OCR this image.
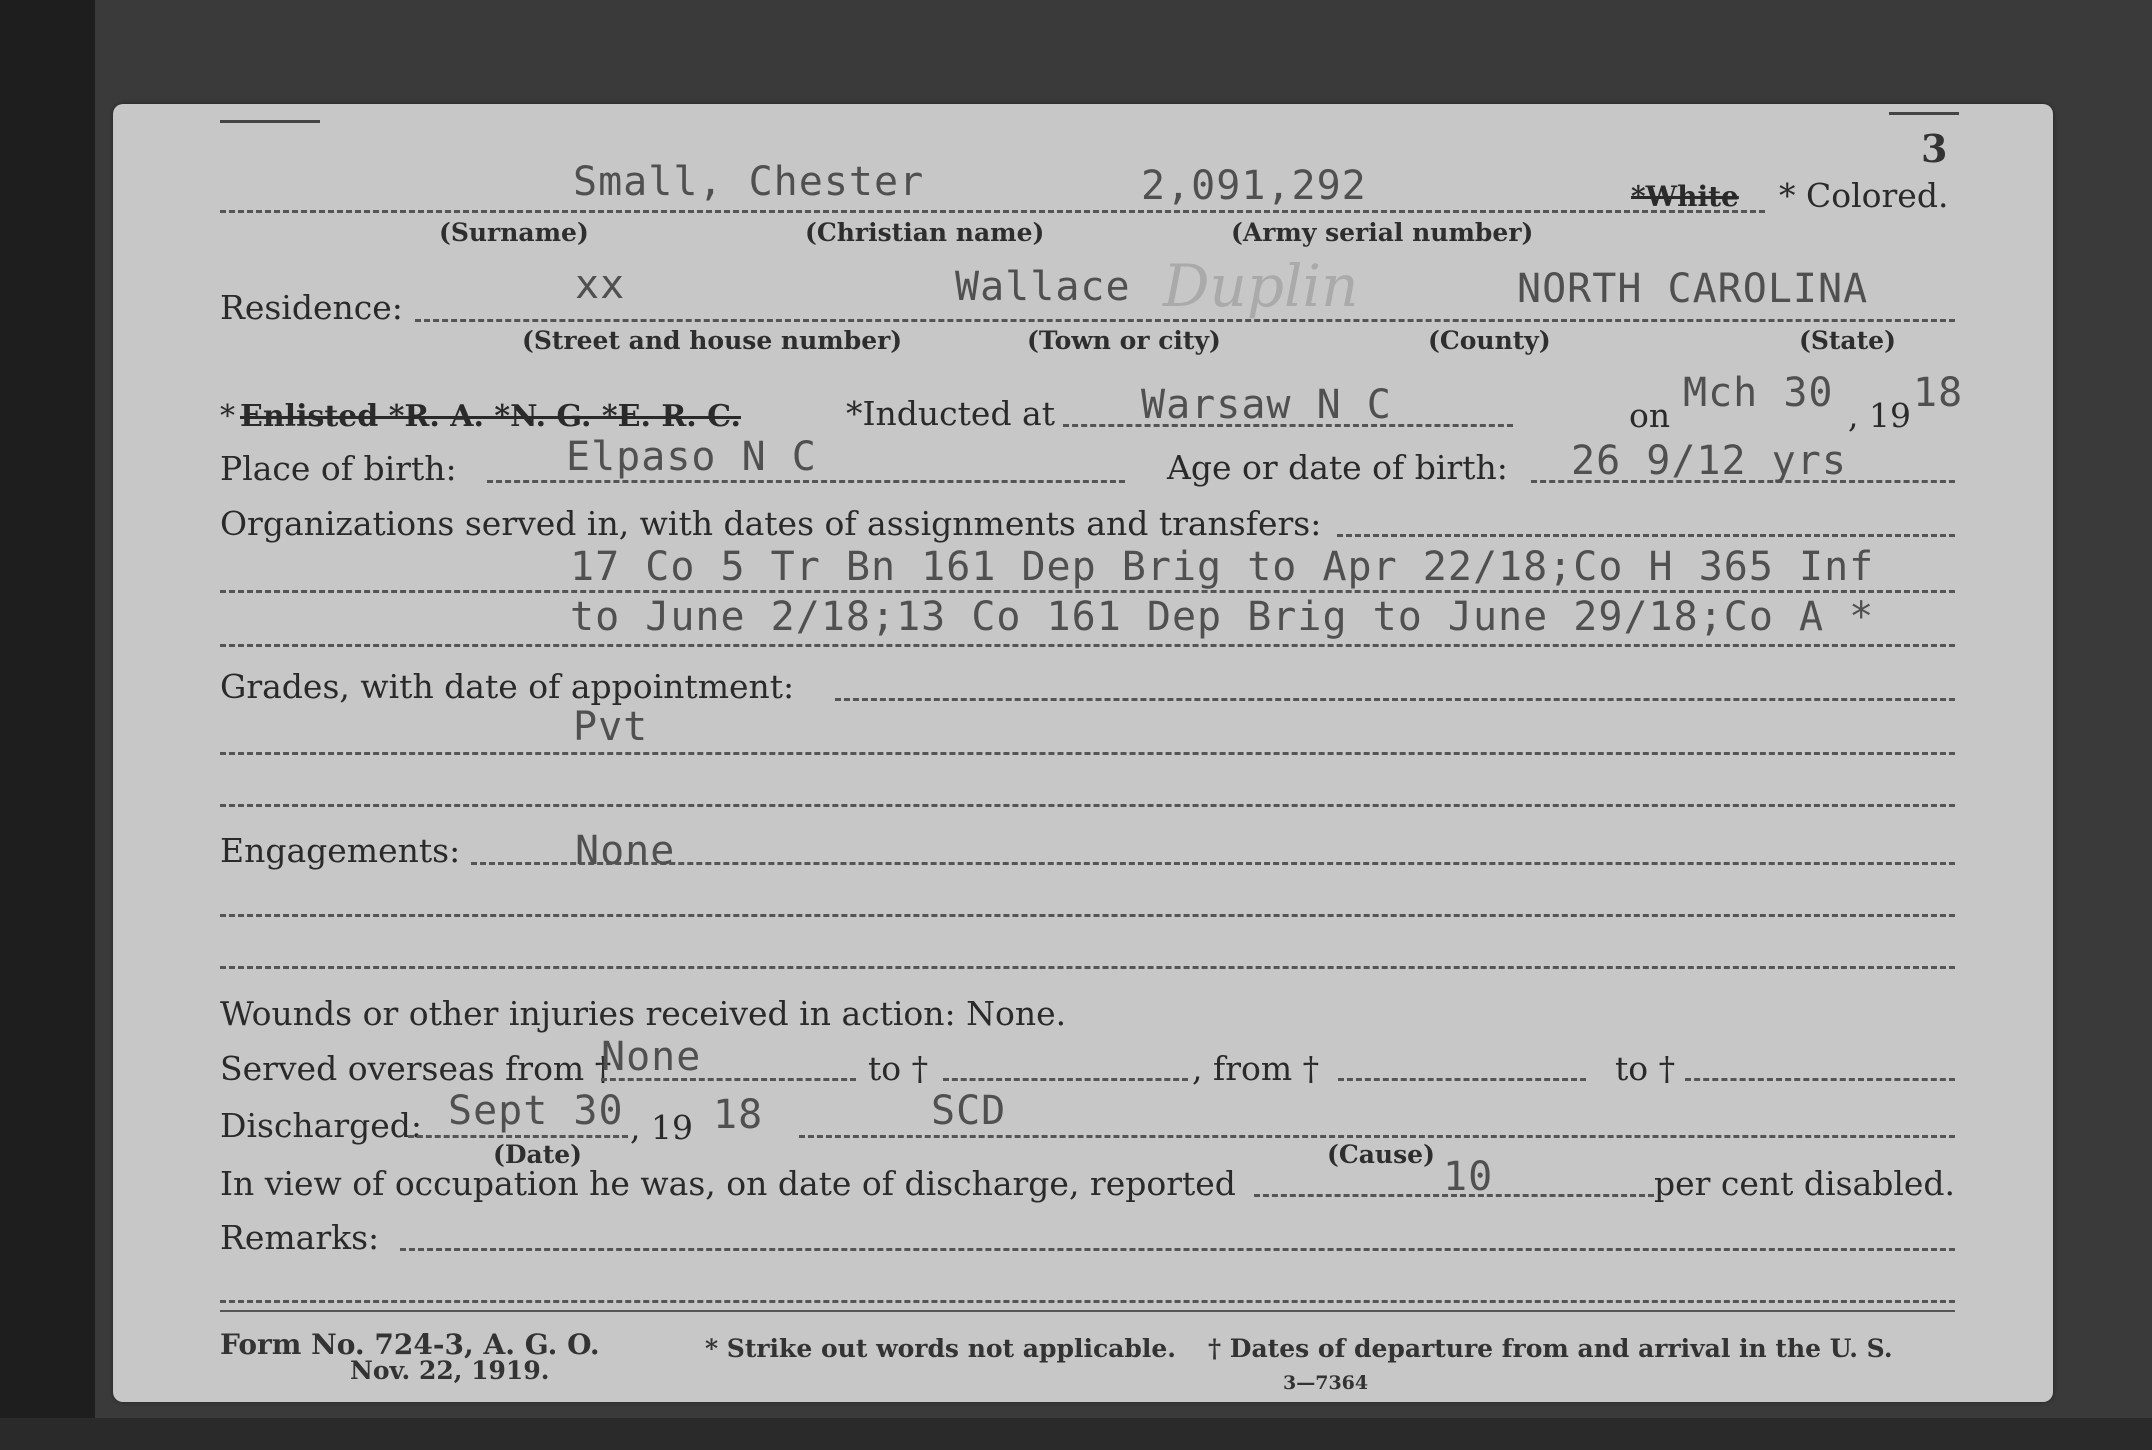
3
Small, Chester	2,091,292	*White * Colored.
(Surname)	(Christian name)	(Army serial number)
Residence:	xx	Wallace Duplin	NORTH CAROLINA
(Street and house number)	(Town or city)	(County)	(State)
* Enlisted *R. A. *N. G. *E. R. C.	*Inducted at Warsaw N C	on Mch 30 , 19 18
Place of birth:	Elpaso N C	Age or date of birth: 26 9/12 yrs
Organizations served in, with dates of assignments and transfers:
17 Co 5 Tr Bn 161 Dep Brig to Apr 22/18;Co H 365 Inf
to June 2/18;13 Co 161 Dep Brig to June 29/18;Co A *
Grades, with date of appointment:
Pvt
Engagements:	None
Wounds or other injuries received in action: None.
Served overseas from †
None	to †	, from †	to †
Discharged: Sept 30 , 19 18	SCD
(Date)	(Cause)
In view of occupation he was, on date of discharge, reported	10	per cent disabled.
Remarks:
Form No. 724-3, A. G. O.
Nov. 22, 1919.
* Strike out words not applicable. † Dates of departure from and arrival in the U. S.
3—7364
